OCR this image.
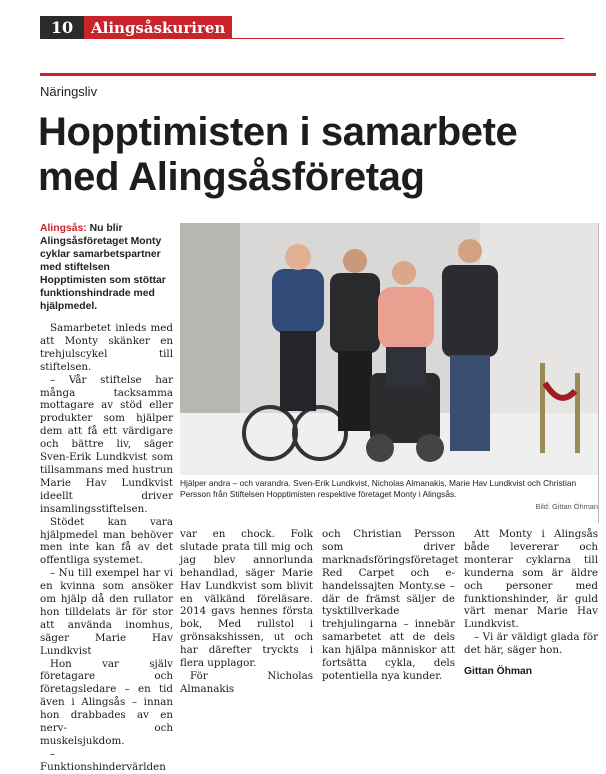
10	Alingsåskuriren
Näringsliv
Hopptimisten i samarbete med Alingsåsföretag
Alingsås: Nu blir Alingsåsföretaget Monty cyklar samarbetspartner med stiftelsen Hopptimisten som stöttar funktionshindrade med hjälpmedel.

Samarbetet inleds med att Monty skänker en trehjulscykel till stiftelsen.

– Vår stiftelse har många tacksamma mottagare av stöd eller produkter som hjälper dem att få ett värdigare och bättre liv, säger Sven-Erik Lundkvist som tillsammans med hustrun Marie Hav Lundkvist ideellt driver insamlingsstiftelsen.

Stödet kan vara hjälpmedel man behöver men inte kan få av det offentliga systemet.

– Nu till exempel har vi en kvinna som ansöker om hjälp då den rullator hon tilldelats är för stor att använda inomhus, säger Marie Hav Lundkvist

Hon var själv företagare och företagsledare – en tid även i Alingsås – innan hon drabbades av en nerv- och muskelsjukdom.

–Funktionshindervärlden

Hjälper andra – och varandra. Sven-Erik Lundkvist, Nicholas Almanakis, Marie Hav Lundkvist och Christian Persson från Stiftelsen Hopptimisten respektive företaget Monty i Alingsås.
Bild: Gittan Öhman

var en chock. Folk slutade prata till mig och jag blev annorlunda behandlad, säger Marie Hav Lundkvist som blivit en välkänd föreläsare. 2014 gavs hennes första bok, Med rullstol i grönsakshissen, ut och har därefter tryckts i flera upplagor.

För Nicholas Almanakis

och Christian Persson som driver marknadsföringsföretaget Red Carpet och e-handelssajten Monty.se – där de främst säljer de tysktillverkade trehjulingarna – innebär samarbetet att de dels kan hjälpa människor att fortsätta cykla, dels potentiella nya kunder.

Att Monty i Alingsås både levererar och monterar cyklarna till kunderna som är äldre och personer med funktionshinder, är guld värt menar Marie Hav Lundkvist.

– Vi är väldigt glada för det här, säger hon.

Gittan Öhman
